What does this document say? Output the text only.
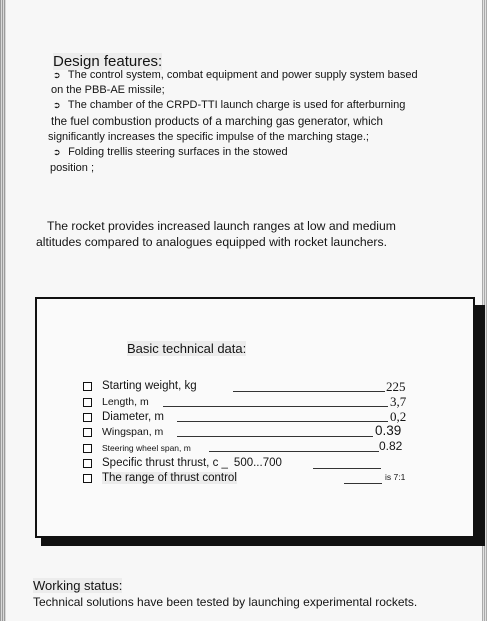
Design features:
➲ The control system, combat equipment and power supply system based
on the PBB-AE missile;
➲ The chamber of the CRPD-TTI launch charge is used for afterburning
the fuel combustion products of a marching gas generator, which
significantly increases the specific impulse of the marching stage.;
➲ Folding trellis steering surfaces in the stowed
position ;
The rocket provides increased launch ranges at low and medium
altitudes compared to analogues equipped with rocket launchers.
Basic technical data:
Starting weight, kg	225
Length, m	3,7
Diameter, m	0,2
Wingspan, m	0.39
Steering wheel span, m	0.82
Specific thrust thrust, c _ 500...700
The range of thrust control	is 7:1
Working status:
Technical solutions have been tested by launching experimental rockets.
